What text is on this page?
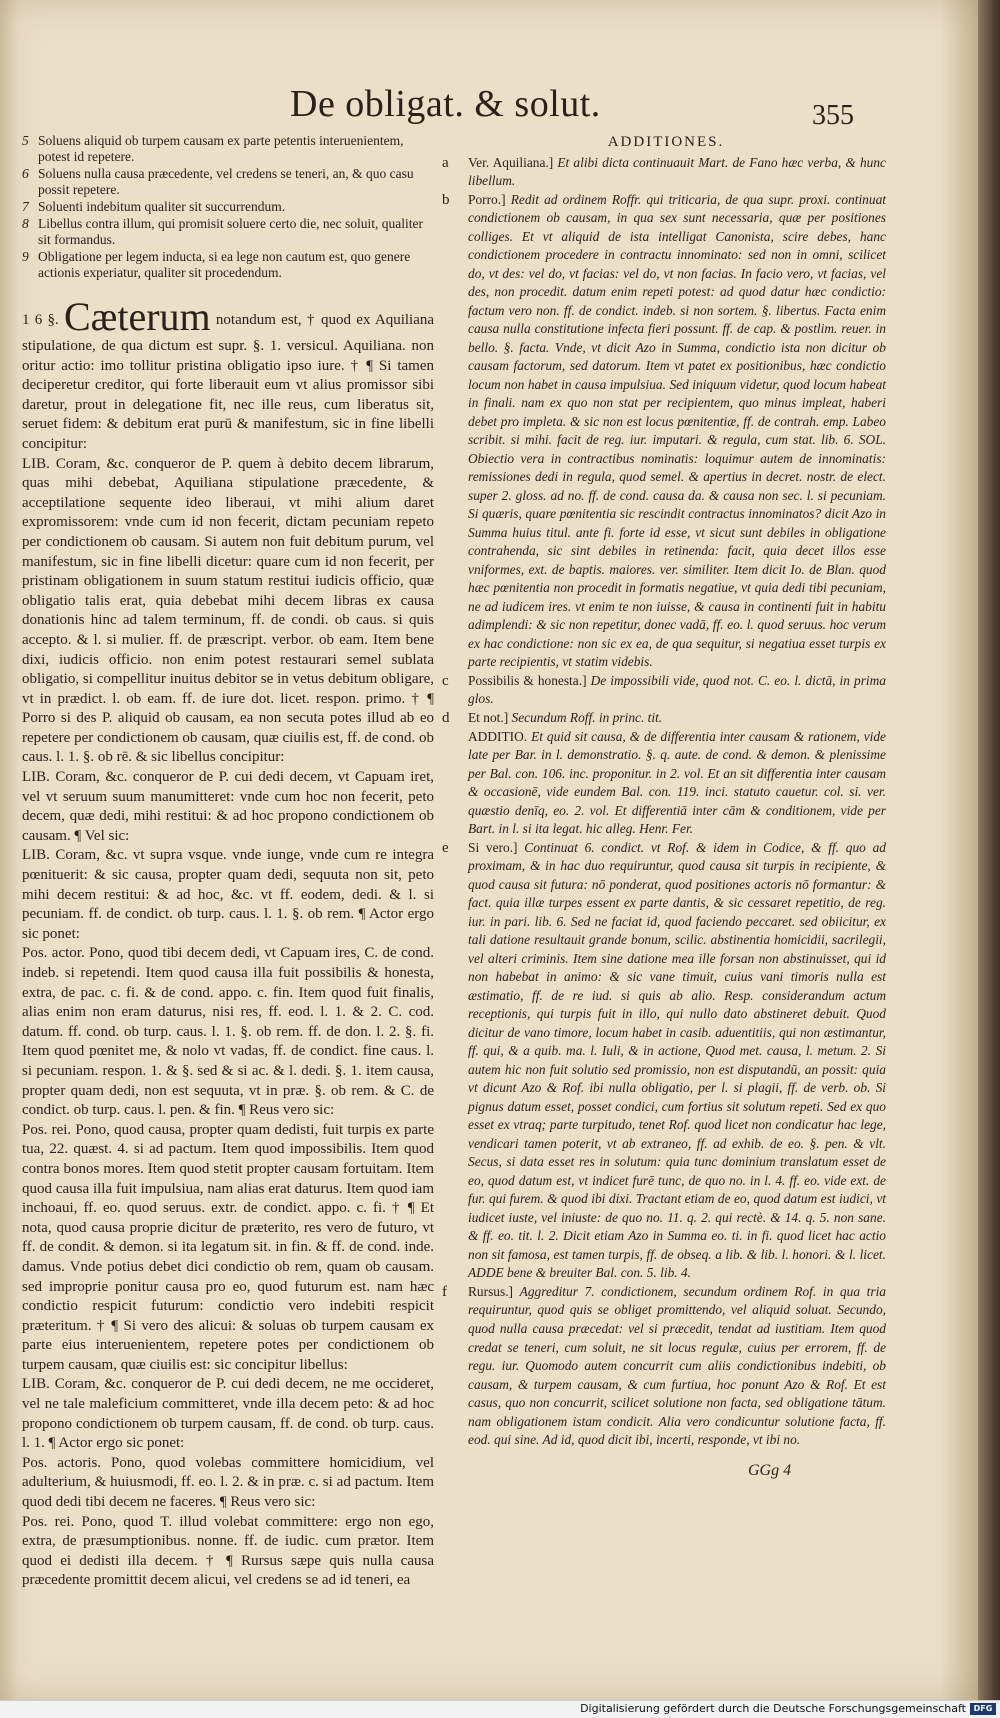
De obligat. & solut.	355
5 Soluens aliquid ob turpem causam ex parte petentis interuenientem, potest id repetere.
6 Soluens nulla causa præcedente, vel credens se teneri, an, & quo casu possit repetere.
7 Soluenti indebitum qualiter sit succurrendum.
8 Libellus contra illum, qui promisit soluere certo die, nec soluit, qualiter sit formandus.
9 Obligatione per legem inducta, si ea lege non cautum est, quo genere actionis experiatur, qualiter sit procedendum.

1 6 §. Cæterum notandum est, † quod ex Aquiliana stipulatione, de qua dictum est supr. §. 1. versicul. Aquiliana. non oritur actio: imo tollitur pristina obligatio ipso iure. † ¶ Si tamen deciperetur creditor, qui forte liberauit eum vt alius promissor sibi daretur, prout in delegatione fit, nec ille reus, cum liberatus sit, seruet fidem: & debitum erat purū & manifestum, sic in fine libelli concipitur:

LIB. Coram, &c. conqueror de P. quem à debito decem librarum, quas mihi debebat, Aquiliana stipulatione præcedente, & acceptilatione sequente ideo liberaui, vt mihi alium daret expromissorem: vnde cum id non fecerit, dictam pecuniam repeto per condictionem ob causam. Si autem non fuit debitum purum, vel manifestum, sic in fine libelli dicetur: quare cum id non fecerit, per pristinam obligationem in suum statum restitui iudicis officio, quæ obligatio talis erat, quia debebat mihi decem libras ex causa donationis hinc ad talem terminum, ff. de condi. ob caus. si quis accepto. & l. si mulier. ff. de præscript. verbor. ob eam. Item bene dixi, iudicis officio. non enim potest restaurari semel sublata obligatio, si compellitur inuitus debitor se in vetus debitum obligare, vt in prædict. l. ob eam. ff. de iure dot. licet. respon. primo. † ¶ Porro si des P. aliquid ob causam, ea non secuta potes illud ab eo repetere per condictionem ob causam, quæ ciuilis est, ff. de cond. ob caus. l. 1. §. ob rē. & sic libellus concipitur:

LIB. Coram, &c. conqueror de P. cui dedi decem, vt Capuam iret, vel vt seruum suum manumitteret: vnde cum hoc non fecerit, peto decem, quæ dedi, mihi restitui: & ad hoc propono condictionem ob causam. ¶ Vel sic:

LIB. Coram, &c. vt supra vsque. vnde iunge, vnde cum re integra pœnituerit: & sic causa, propter quam dedi, sequuta non sit, peto mihi decem restitui: & ad hoc, &c. vt ff. eodem, dedi. & l. si pecuniam. ff. de condict. ob turp. caus. l. 1. §. ob rem. ¶ Actor ergo sic ponet:

Pos. actor. Pono, quod tibi decem dedi, vt Capuam ires, C. de cond. indeb. si repetendi. Item quod causa illa fuit possibilis & honesta, extra, de pac. c. fi. & de cond. appo. c. fin. Item quod fuit finalis, alias enim non eram daturus, nisi res, ff. eod. l. 1. & 2. C. cod. datum. ff. cond. ob turp. caus. l. 1. §. ob rem. ff. de don. l. 2. §. fi. Item quod pœnitet me, & nolo vt vadas, ff. de condict. fine caus. l. si pecuniam. respon. 1. & §. sed & si ac. & l. dedi. §. 1. item causa, propter quam dedi, non est sequuta, vt in præ. §. ob rem. & C. de condict. ob turp. caus. l. pen. & fin. ¶ Reus vero sic:

Pos. rei. Pono, quod causa, propter quam dedisti, fuit turpis ex parte tua, 22. quæst. 4. si ad pactum. Item quod impossibilis. Item quod contra bonos mores. Item quod stetit propter causam fortuitam. Item quod causa illa fuit impulsiua, nam alias erat daturus. Item quod iam inchoaui, ff. eo. quod seruus. extr. de condict. appo. c. fi. † ¶ Et nota, quod causa proprie dicitur de præterito, res vero de futuro, vt ff. de condit. & demon. si ita legatum sit. in fin. & ff. de cond. inde. damus. Vnde potius debet dici condictio ob rem, quam ob causam. sed improprie ponitur causa pro eo, quod futurum est. nam hæc condictio respicit futurum: condictio vero indebiti respicit præteritum. † ¶ Si vero des alicui: & soluas ob turpem causam ex parte eius interuenientem, repetere potes per condictionem ob turpem causam, quæ ciuilis est: sic concipitur libellus:

LIB. Coram, &c. conqueror de P. cui dedi decem, ne me occideret, vel ne tale maleficium committeret, vnde illa decem peto: & ad hoc propono condictionem ob turpem causam, ff. de cond. ob turp. caus. l. 1. ¶ Actor ergo sic ponet:

Pos. actoris. Pono, quod volebas committere homicidium, vel adulterium, & huiusmodi, ff. eo. l. 2. & in præ. c. si ad pactum. Item quod dedi tibi decem ne faceres. ¶ Reus vero sic:

Pos. rei. Pono, quod T. illud volebat committere: ergo non ego, extra, de præsumptionibus. nonne. ff. de iudic. cum prætor. Item quod ei dedisti illa decem. † ¶ Rursus sæpe quis nulla causa præcedente promittit decem alicui, vel credens se ad id teneri, ea

ADDITIONES.

a Ver. Aquiliana.] Et alibi dicta continuauit Mart. de Fano hæc verba, & hunc libellum.

b Porro.] Redit ad ordinem Roffr. qui triticaria, de qua supr. proxi. continuat condictionem ob causam, in qua sex sunt necessaria, quæ per positiones colliges. Et vt aliquid de ista intelligat Canonista, scire debes, hanc condictionem procedere in contractu innominato: sed non in omni, scilicet do, vt des: vel do, vt facias: vel do, vt non facias. In facio vero, vt facias, vel des, non procedit. datum enim repeti potest: ad quod datur hæc condictio: factum vero non. ff. de condict. indeb. si non sortem. §. libertus. Facta enim causa nulla constitutione infecta fieri possunt. ff. de cap. & postlim. reuer. in bello. §. facta. Vnde, vt dicit Azo in Summa, condictio ista non dicitur ob causam factorum, sed datorum. Item vt patet ex positionibus, hæc condictio locum non habet in causa impulsiua. Sed iniquum videtur, quod locum habeat in finali. nam ex quo non stat per recipientem, quo minus impleat, haberi debet pro impleta. & sic non est locus pœnitentiæ, ff. de contrah. emp. Labeo scribit. si mihi. facit de reg. iur. imputari. & regula, cum stat. lib. 6. SOL. Obiectio vera in contractibus nominatis: loquimur autem de innominatis: remissiones dedi in regula, quod semel. & apertius in decret. nostr. de elect. super 2. gloss. ad no. ff. de cond. causa da. & causa non sec. l. si pecuniam. Si quæris, quare pœnitentia sic rescindit contractus innominatos? dicit Azo in Summa huius titul. ante fi. forte id esse, vt sicut sunt debiles in obligatione contrahenda, sic sint debiles in retinenda: facit, quia decet illos esse vniformes, ext. de baptis. maiores. ver. similiter. Item dicit Io. de Blan. quod hæc pœnitentia non procedit in formatis negatiue, vt quia dedi tibi pecuniam, ne ad iudicem ires. vt enim te non iuisse, & causa in continenti fuit in habitu adimplendi: & sic non repetitur, donec vadā, ff. eo. l. quod seruus. hoc verum ex hac condictione: non sic ex ea, de qua sequitur, si negatiua esset turpis ex parte recipientis, vt statim videbis.

c Possibilis & honesta.] De impossibili vide, quod not. C. eo. l. dictā, in prima glos.

d Et not.] Secundum Roff. in princ. tit.

ADDITIO. Et quid sit causa, & de differentia inter causam & rationem, vide late per Bar. in l. demonstratio. §. q. aute. de cond. & demon. & plenissime per Bal. con. 106. inc. proponitur. in 2. vol. Et an sit differentia inter causam & occasionē, vide eundem Bal. con. 119. inci. statuto cauetur. col. si. ver. quæstio denīq, eo. 2. vol. Et differentiā inter cām & conditionem, vide per Bart. in l. si ita legat. hic alleg. Henr. Fer.

e Si vero.] Continuat 6. condict. vt Rof. & idem in Codice, & ff. quo ad proximam, & in hac duo requiruntur, quod causa sit turpis in recipiente, & quod causa sit futura: nō ponderat, quod positiones actoris nō formantur: & fact. quia illæ turpes essent ex parte dantis, & sic cessaret repetitio, de reg. iur. in pari. lib. 6. Sed ne faciat id, quod faciendo peccaret. sed obiicitur, ex tali datione resultauit grande bonum, scilic. abstinentia homicidii, sacrilegii, vel alteri criminis. Item sine datione mea ille forsan non abstinuisset, qui id non habebat in animo: & sic vane timuit, cuius vani timoris nulla est æstimatio, ff. de re iud. si quis ab alio. Resp. considerandum actum receptionis, qui turpis fuit in illo, qui nullo dato abstineret debuit. Quod dicitur de vano timore, locum habet in casib. aduentitiis, qui non æstimantur, ff. qui, & a quib. ma. l. Iuli, & in actione, Quod met. causa, l. metum. 2. Si autem hic non fuit solutio sed promissio, non est disputandū, an possit: quia vt dicunt Azo & Rof. ibi nulla obligatio, per l. si plagii, ff. de verb. ob. Si pignus datum esset, posset condici, cum fortius sit solutum repeti. Sed ex quo esset ex vtraq; parte turpitudo, tenet Rof. quod licet non condicatur hac lege, vendicari tamen poterit, vt ab extraneo, ff. ad exhib. de eo. §. pen. & vlt. Secus, si data esset res in solutum: quia tunc dominium translatum esset de eo, quod datum est, vt indicet furē tunc, de quo no. in l. 4. ff. eo. vide ext. de fur. qui furem. & quod ibi dixi. Tractant etiam de eo, quod datum est iudici, vt iudicet iuste, vel iniuste: de quo no. 11. q. 2. qui rectè. & 14. q. 5. non sane. & ff. eo. tit. l. 2. Dicit etiam Azo in Summa eo. ti. in fi. quod licet hac actio non sit famosa, est tamen turpis, ff. de obseq. a lib. & lib. l. honori. & l. licet. ADDE bene & breuiter Bal. con. 5. lib. 4.

f Rursus.] Aggreditur 7. condictionem, secundum ordinem Rof. in qua tria requiruntur, quod quis se obliget promittendo, vel aliquid soluat. Secundo, quod nulla causa præcedat: vel si præcedit, tendat ad iustitiam. Item quod credat se teneri, cum soluit, ne sit locus regulæ, cuius per errorem, ff. de regu. iur. Quomodo autem concurrit cum aliis condictionibus indebiti, ob causam, & turpem causam, & cum furtiua, hoc ponunt Azo & Rof. Et est casus, quo non concurrit, scilicet solutione non facta, sed obligatione tātum. nam obligationem istam condicit. Alia vero condicuntur solutione facta, ff. eod. qui sine. Ad id, quod dicit ibi, incerti, responde, vt ibi no.

GGg 4
Digitalisierung gefördert durch die Deutsche Forschungsgemeinschaft DFG
